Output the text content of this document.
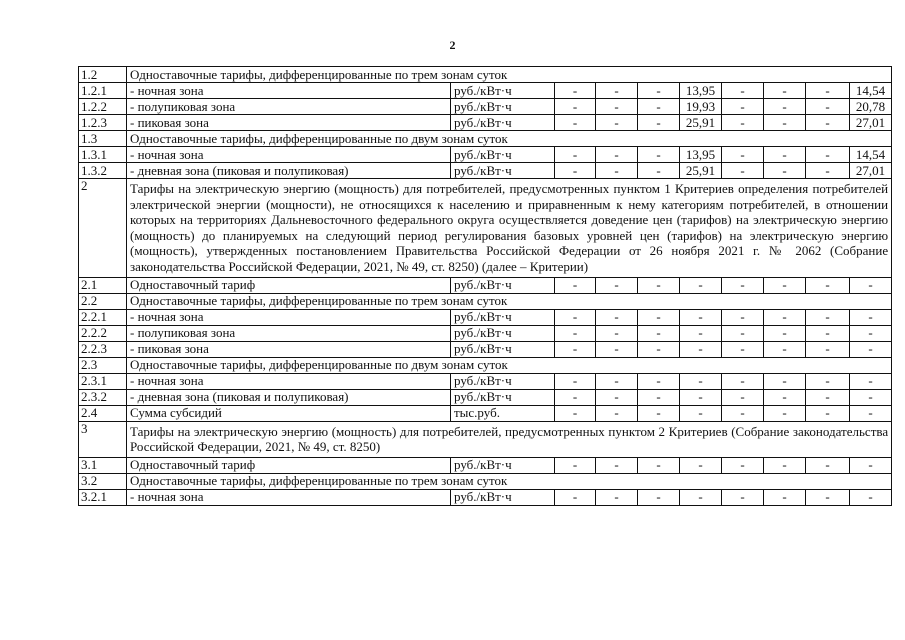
2
1.2	Одноставочные тарифы, дифференцированные по трем зонам суток									
1.2.1	- ночная зона	руб./кВт·ч	-	-	-	13,95	-	-	-	14,54
1.2.2	- полупиковая зона	руб./кВт·ч	-	-	-	19,93	-	-	-	20,78
1.2.3	- пиковая зона	руб./кВт·ч	-	-	-	25,91	-	-	-	27,01
1.3	Одноставочные тарифы, дифференцированные по двум зонам суток									
1.3.1	- ночная зона	руб./кВт·ч	-	-	-	13,95	-	-	-	14,54
1.3.2	- дневная зона (пиковая и полупиковая)	руб./кВт·ч	-	-	-	25,91	-	-	-	27,01
2	Тарифы на электрическую энергию (мощность) для потребителей, предусмотренных пунктом 1 Критериев определения потребителей электрической энергии (мощности), не относящихся к населению и приравненным к нему категориям потребителей, в отношении которых на территориях Дальневосточного федерального округа осуществляется доведение цен (тарифов) на электрическую энергию (мощность) до планируемых на следующий период регулирования базовых уровней цен (тарифов) на электрическую энергию (мощность), утвержденных постановлением Правительства Российской Федерации от 26 ноября 2021 г. № 2062 (Собрание законодательства Российской Федерации, 2021, № 49, ст. 8250) (далее – Критерии)									
2.1	Одноставочный тариф	руб./кВт·ч	-	-	-	-	-	-	-	-
2.2	Одноставочные тарифы, дифференцированные по трем зонам суток									
2.2.1	- ночная зона	руб./кВт·ч	-	-	-	-	-	-	-	-
2.2.2	- полупиковая зона	руб./кВт·ч	-	-	-	-	-	-	-	-
2.2.3	- пиковая зона	руб./кВт·ч	-	-	-	-	-	-	-	-
2.3	Одноставочные тарифы, дифференцированные по двум зонам суток									
2.3.1	- ночная зона	руб./кВт·ч	-	-	-	-	-	-	-	-
2.3.2	- дневная зона (пиковая и полупиковая)	руб./кВт·ч	-	-	-	-	-	-	-	-
2.4	Сумма субсидий	тыс.руб.	-	-	-	-	-	-	-	-
3	Тарифы на электрическую энергию (мощность) для потребителей, предусмотренных пунктом 2 Критериев (Собрание законодательства Российской Федерации, 2021, № 49, ст. 8250)									
3.1	Одноставочный тариф	руб./кВт·ч	-	-	-	-	-	-	-	-
3.2	Одноставочные тарифы, дифференцированные по трем зонам суток									
3.2.1	- ночная зона	руб./кВт·ч	-	-	-	-	-	-	-	-
